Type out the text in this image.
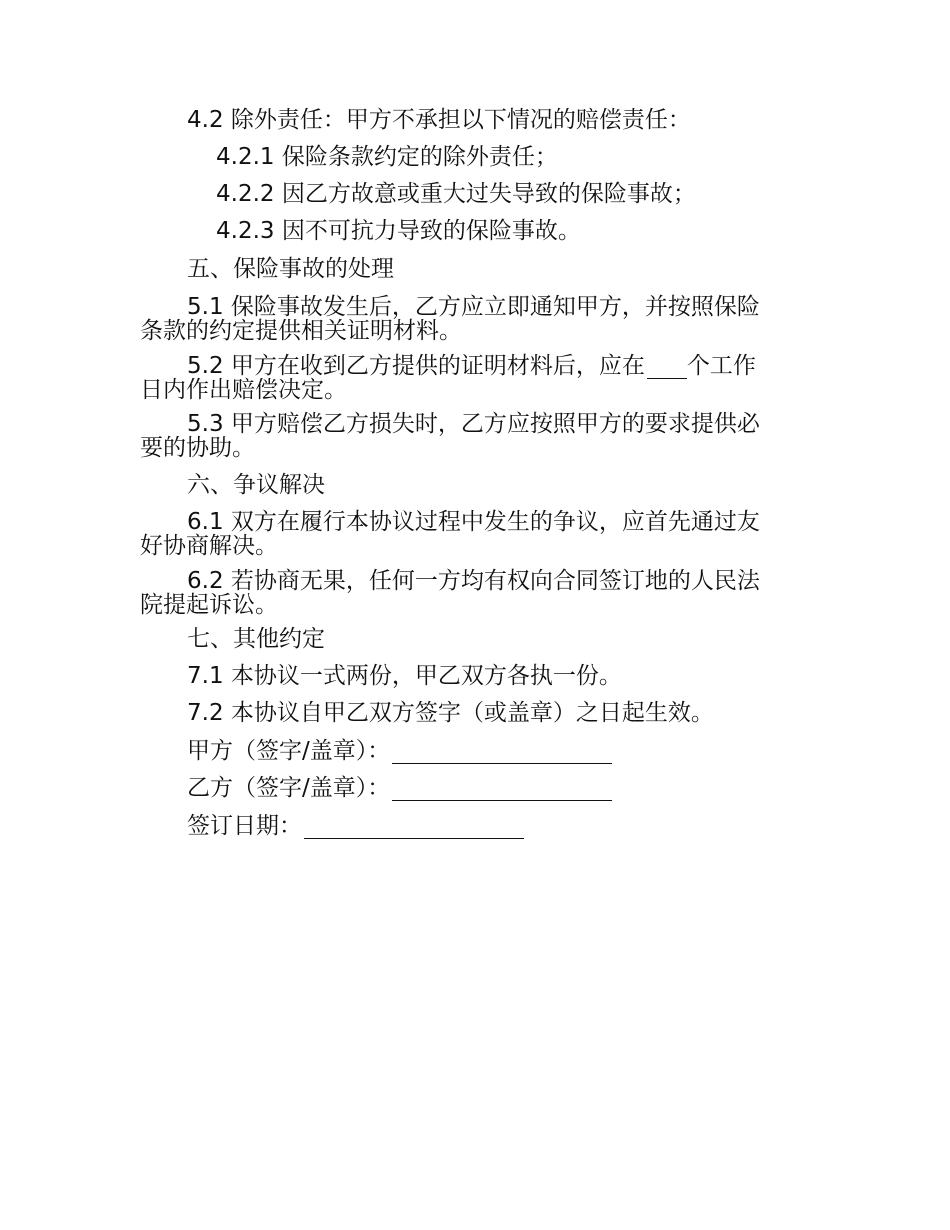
4.2 除外责任：甲方不承担以下情况的赔偿责任：
4.2.1 保险条款约定的除外责任；
4.2.2 因乙方故意或重大过失导致的保险事故；
4.2.3 因不可抗力导致的保险事故。
五、保险事故的处理
5.1 保险事故发生后，乙方应立即通知甲方，并按照保险
条款的约定提供相关证明材料。
5.2 甲方在收到乙方提供的证明材料后，应在 个工作
日内作出赔偿决定。
5.3 甲方赔偿乙方损失时，乙方应按照甲方的要求提供必
要的协助。
六、争议解决
6.1 双方在履行本协议过程中发生的争议，应首先通过友
好协商解决。
6.2 若协商无果，任何一方均有权向合同签订地的人民法
院提起诉讼。
七、其他约定
7.1 本协议一式两份，甲乙双方各执一份。
7.2 本协议自甲乙双方签字（或盖章）之日起生效。
甲方（签字/盖章）：
乙方（签字/盖章）：
签订日期：
